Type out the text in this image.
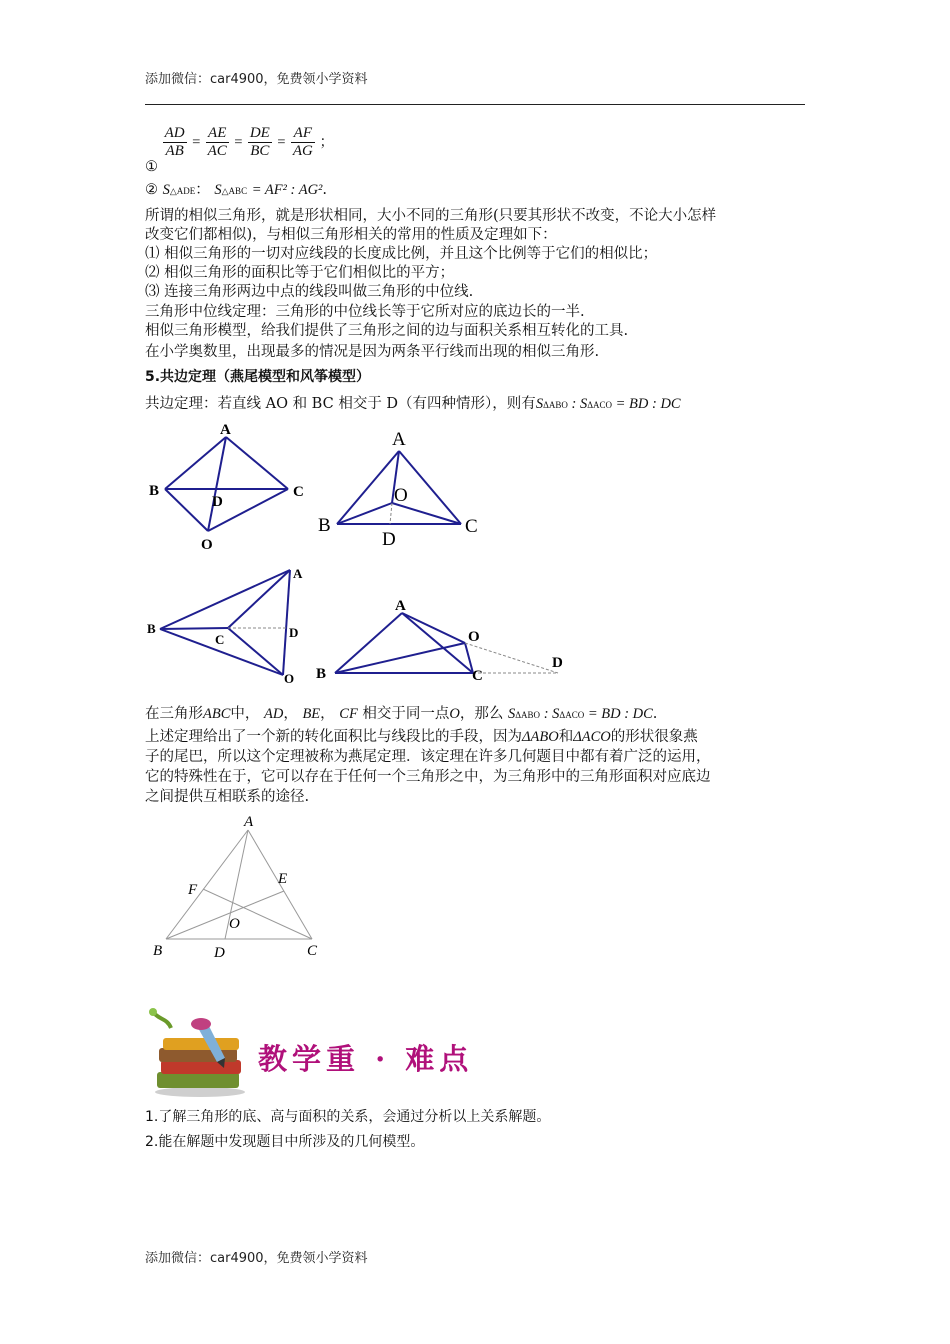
添加微信：car4900，免费领小学资料
①
$\frac{AD}{AB} = \frac{AE}{AC} = \frac{DE}{BC} = \frac{AF}{AG}$ ；
② S△ADE： S△ABC = AF² : AG².
所谓的相似三角形，就是形状相同，大小不同的三角形(只要其形状不改变，不论大小怎样
改变它们都相似)，与相似三角形相关的常用的性质及定理如下：
⑴ 相似三角形的一切对应线段的长度成比例，并且这个比例等于它们的相似比；
⑵ 相似三角形的面积比等于它们相似比的平方；
⑶ 连接三角形两边中点的线段叫做三角形的中位线.
三角形中位线定理：三角形的中位线长等于它所对应的底边长的一半.
相似三角形模型，给我们提供了三角形之间的边与面积关系相互转化的工具.
在小学奥数里，出现最多的情况是因为两条平行线而出现的相似三角形.
5.共边定理（燕尾模型和风筝模型）
共边定理：若直线 AO 和 BC 相交于 D（有四种情形），则有SΔABO : SΔACO = BD : DC
A
B	C
D
O
A
O
B	C
D
A
B
C	D
O
A
B	C
O
D
在三角形ABC中， AD， BE， CF 相交于同一点O，那么 SΔABO : SΔACO = BD : DC.
上述定理给出了一个新的转化面积比与线段比的手段，因为ΔABO和ΔACO的形状很象燕
子的尾巴，所以这个定理被称为燕尾定理．该定理在许多几何题目中都有着广泛的运用，
它的特殊性在于，它可以存在于任何一个三角形之中，为三角形中的三角形面积对应底边
之间提供互相联系的途径.
A
F
E
O
B	D	C
教学重 · 难点
1.了解三角形的底、高与面积的关系，会通过分析以上关系解题。
2.能在解题中发现题目中所涉及的几何模型。
添加微信：car4900，免费领小学资料
